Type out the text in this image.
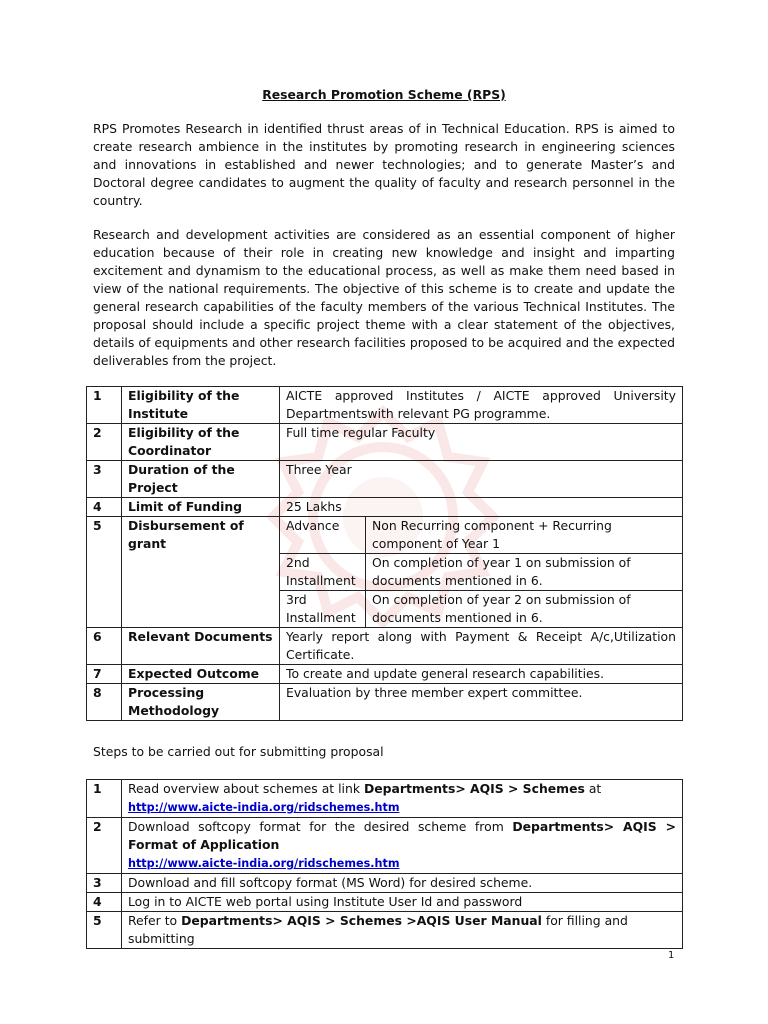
Research Promotion Scheme (RPS)

RPS Promotes Research in identified thrust areas of in Technical Education. RPS is aimed to create research ambience in the institutes by promoting research in engineering sciences and innovations in established and newer technologies; and to generate Master’s and Doctoral degree candidates to augment the quality of faculty and research personnel in the country.

Research and development activities are considered as an essential component of higher education because of their role in creating new knowledge and insight and imparting excitement and dynamism to the educational process, as well as make them need based in view of the national requirements. The objective of this scheme is to create and update the general research capabilities of the faculty members of the various Technical Institutes. The proposal should include a specific project theme with a clear statement of the objectives, details of equipments and other research facilities proposed to be acquired and the expected deliverables from the project.

1	Eligibility of the Institute	AICTE approved Institutes / AICTE approved University Departmentswith relevant PG programme.
2	Eligibility of the Coordinator	Full time regular Faculty
3	Duration of the Project	Three Year
4	Limit of Funding	25 Lakhs
5	Disbursement of grant	
Advance	Non Recurring component + Recurring component of Year 1
2nd Installment	On completion of year 1 on submission of documents mentioned in 6.
3rd Installment	On completion of year 2 on submission of documents mentioned in 6.

6	Relevant Documents	Yearly report along with Payment & Receipt A/c,Utilization Certificate.
7	Expected Outcome	To create and update general research capabilities.
8	Processing Methodology	Evaluation by three member expert committee.
Steps to be carried out for submitting proposal
1	Read overview about schemes at link Departments> AQIS > Schemes at
http://www.aicte-india.org/ridschemes.htm
2	Download softcopy format for the desired scheme from Departments> AQIS > Format of Application
http://www.aicte-india.org/ridschemes.htm
3	Download and fill softcopy format (MS Word) for desired scheme.
4	Log in to AICTE web portal using Institute User Id and password
5	Refer to Departments> AQIS > Schemes >AQIS User Manual for filling and submitting
1
